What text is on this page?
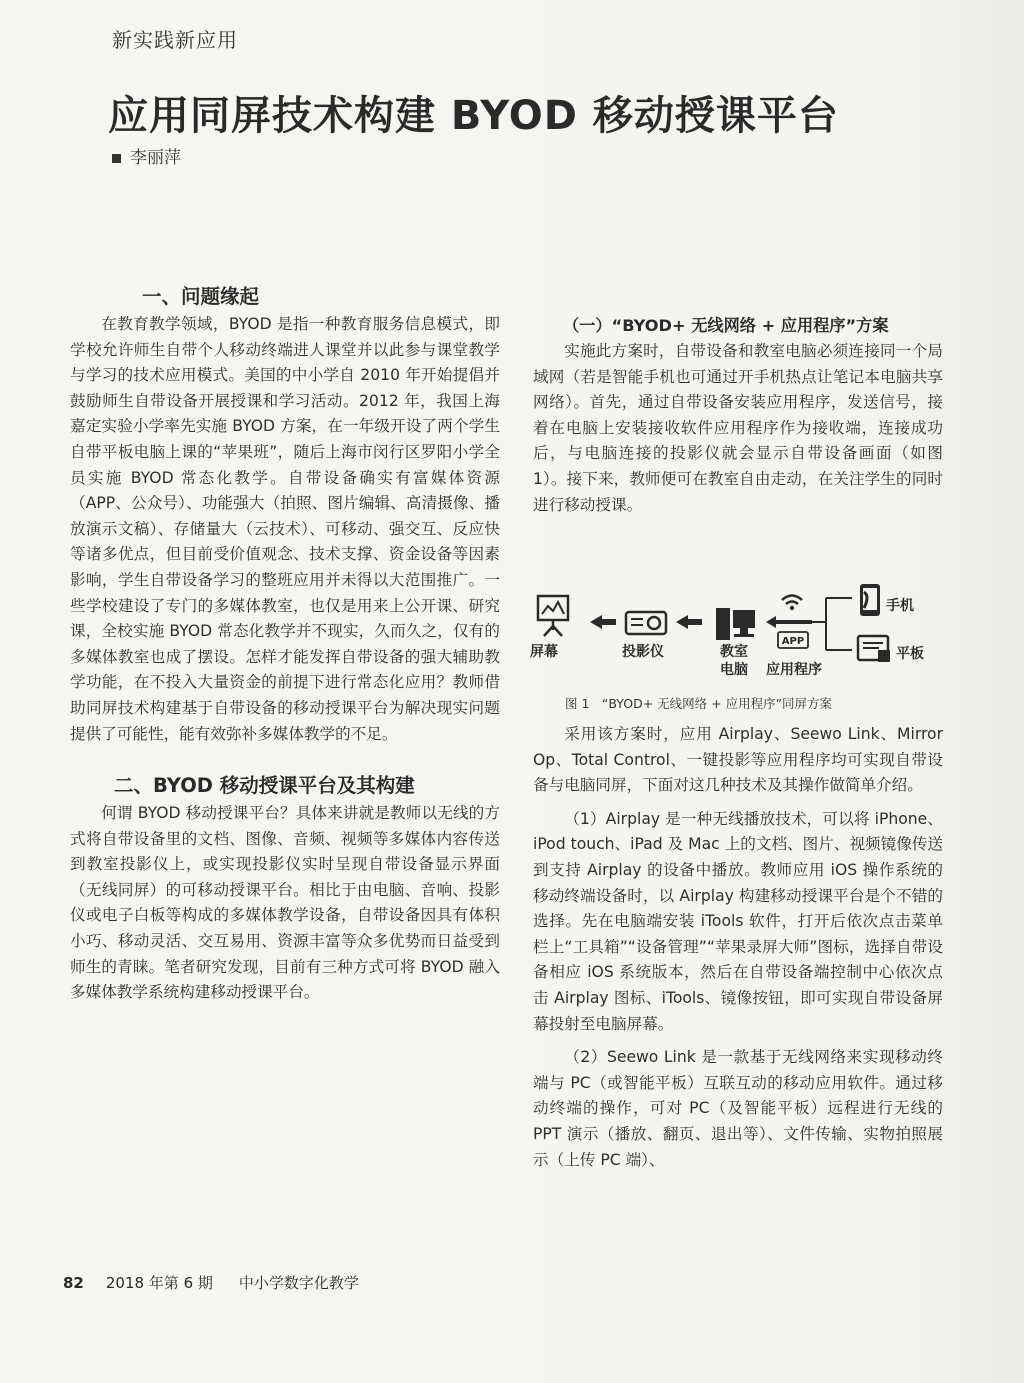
新实践新应用
应用同屏技术构建 BYOD 移动授课平台
李丽萍
一、问题缘起

在教育教学领域，BYOD 是指一种教育服务信息模式，即学校允许师生自带个人移动终端进人课堂并以此参与课堂教学与学习的技术应用模式。美国的中小学自 2010 年开始提倡并鼓励师生自带设备开展授课和学习活动。2012 年，我国上海嘉定实验小学率先实施 BYOD 方案，在一年级开设了两个学生自带平板电脑上课的“苹果班”，随后上海市闵行区罗阳小学全员实施 BYOD 常态化教学。自带设备确实有富媒体资源（APP、公众号）、功能强大（拍照、图片编辑、高清摄像、播放演示文稿）、存储量大（云技术）、可移动、强交互、反应快等诸多优点，但目前受价值观念、技术支撑、资金设备等因素影响，学生自带设备学习的整班应用并未得以大范围推广。一些学校建设了专门的多媒体教室，也仅是用来上公开课、研究课，全校实施 BYOD 常态化教学并不现实，久而久之，仅有的多媒体教室也成了摆设。怎样才能发挥自带设备的强大辅助教学功能，在不投入大量资金的前提下进行常态化应用？教师借助同屏技术构建基于自带设备的移动授课平台为解决现实问题提供了可能性，能有效弥补多媒体教学的不足。

二、BYOD 移动授课平台及其构建

何谓 BYOD 移动授课平台？具体来讲就是教师以无线的方式将自带设备里的文档、图像、音频、视频等多媒体内容传送到教室投影仪上，或实现投影仪实时呈现自带设备显示界面（无线同屏）的可移动授课平台。相比于由电脑、音响、投影仪或电子白板等构成的多媒体教学设备，自带设备因具有体积小巧、移动灵活、交互易用、资源丰富等众多优势而日益受到师生的青睐。笔者研究发现，目前有三种方式可将 BYOD 融入多媒体教学系统构建移动授课平台。

（一）“BYOD+ 无线网络 + 应用程序”方案

实施此方案时，自带设备和教室电脑必须连接同一个局域网（若是智能手机也可通过开手机热点让笔记本电脑共享网络）。首先，通过自带设备安装应用程序，发送信号，接着在电脑上安装接收软件应用程序作为接收端，连接成功后，与电脑连接的投影仪就会显示自带设备画面（如图 1）。接下来，教师便可在教室自由走动，在关注学生的同时进行移动授课。

屏幕	投影仪	教室
电脑
APP
应用程序
手机
平板
图 1　“BYOD+ 无线网络 + 应用程序”同屏方案

采用该方案时，应用 Airplay、Seewo Link、Mirror Op、Total Control、一键投影等应用程序均可实现自带设备与电脑同屏，下面对这几种技术及其操作做简单介绍。

（1）Airplay 是一种无线播放技术，可以将 iPhone、iPod touch、iPad 及 Mac 上的文档、图片、视频镜像传送到支持 Airplay 的设备中播放。教师应用 iOS 操作系统的移动终端设备时，以 Airplay 构建移动授课平台是个不错的选择。先在电脑端安装 iTools 软件，打开后依次点击菜单栏上“工具箱”“设备管理”“苹果录屏大师”图标，选择自带设备相应 iOS 系统版本，然后在自带设备端控制中心依次点击 Airplay 图标、iTools、镜像按钮，即可实现自带设备屏幕投射至电脑屏幕。

（2）Seewo Link 是一款基于无线网络来实现移动终端与 PC（或智能平板）互联互动的移动应用软件。通过移动终端的操作，可对 PC（及智能平板）远程进行无线的 PPT 演示（播放、翻页、退出等）、文件传输、实物拍照展示（上传 PC 端）、

82 2018 年第 6 期 中小学数字化教学
